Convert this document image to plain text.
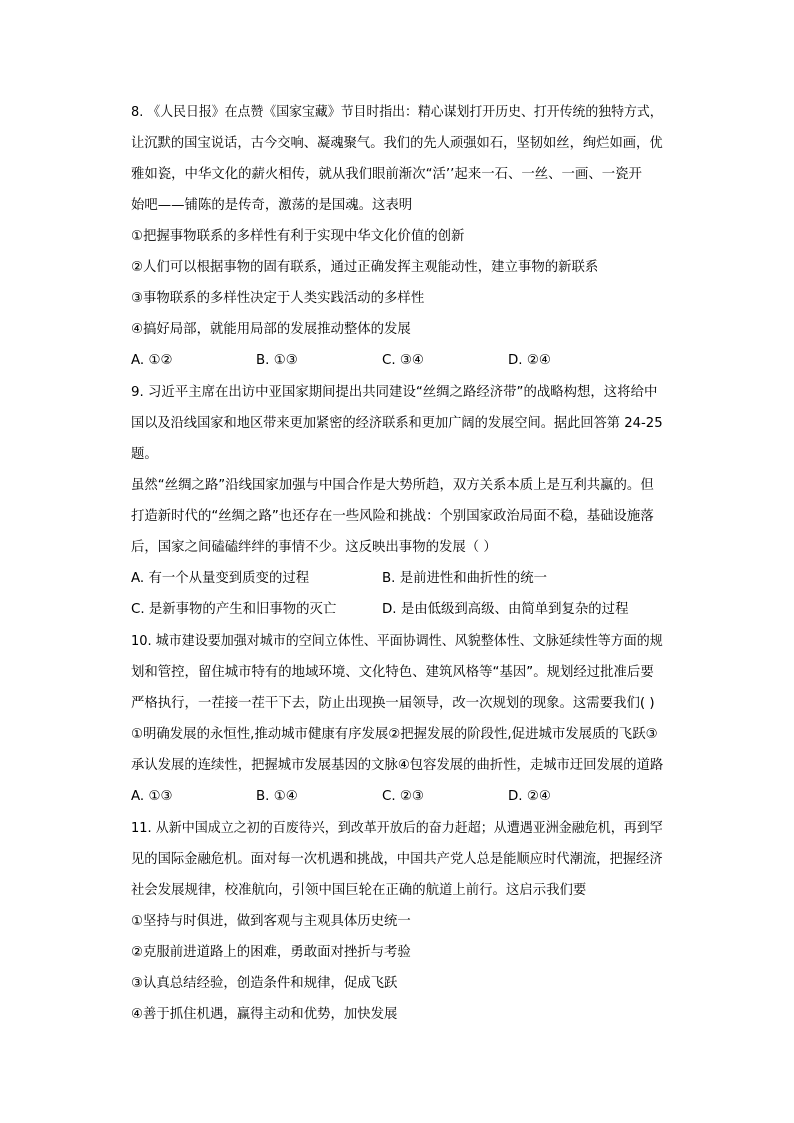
8. 《人民日报》在点赞《国家宝藏》节目时指出：精心谋划打开历史、打开传统的独特方式，
让沉默的国宝说话，古今交响、凝魂聚气。我们的先人顽强如石，坚韧如丝，绚烂如画，优
雅如瓷，中华文化的薪火相传，就从我们眼前渐次“活’’起来一石、一丝、一画、一瓷开
始吧——铺陈的是传奇，激荡的是国魂。这表明
①把握事物联系的多样性有利于实现中华文化价值的创新
②人们可以根据事物的固有联系，通过正确发挥主观能动性，建立事物的新联系
③事物联系的多样性决定于人类实践活动的多样性
④搞好局部，就能用局部的发展推动整体的发展
A. ①②	B. ①③	C. ③④	D. ②④
9. 习近平主席在出访中亚国家期间提出共同建设“丝绸之路经济带”的战略构想，这将给中
国以及沿线国家和地区带来更加紧密的经济联系和更加广阔的发展空间。据此回答第 24-25
题。
虽然“丝绸之路”沿线国家加强与中国合作是大势所趋，双方关系本质上是互利共赢的。但
打造新时代的“丝绸之路”也还存在一些风险和挑战：个别国家政治局面不稳，基础设施落
后，国家之间磕磕绊绊的事情不少。这反映出事物的发展（ ）
A. 有一个从量变到质变的过程	B. 是前进性和曲折性的统一
C. 是新事物的产生和旧事物的灭亡	D. 是由低级到高级、由简单到复杂的过程
10. 城市建设要加强对城市的空间立体性、平面协调性、风貌整体性、文脉延续性等方面的规
划和管控，留住城市特有的地域环境、文化特色、建筑风格等“基因”。规划经过批准后要
严格执行，一茬接一茬干下去，防止出现换一届领导，改一次规划的现象。这需要我们( )
①明确发展的永恒性,推动城市健康有序发展②把握发展的阶段性,促进城市发展质的飞跃③
承认发展的连续性，把握城市发展基因的文脉④包容发展的曲折性，走城市迂回发展的道路
A. ①③	B. ①④	C. ②③	D. ②④
11. 从新中国成立之初的百废待兴，到改革开放后的奋力赶超；从遭遇亚洲金融危机，再到罕
见的国际金融危机。面对每一次机遇和挑战，中国共产党人总是能顺应时代潮流，把握经济
社会发展规律，校准航向，引领中国巨轮在正确的航道上前行。这启示我们要
①坚持与时俱进，做到客观与主观具体历史统一
②克服前进道路上的困难，勇敢面对挫折与考验
③认真总结经验，创造条件和规律，促成飞跃
④善于抓住机遇，赢得主动和优势，加快发展
